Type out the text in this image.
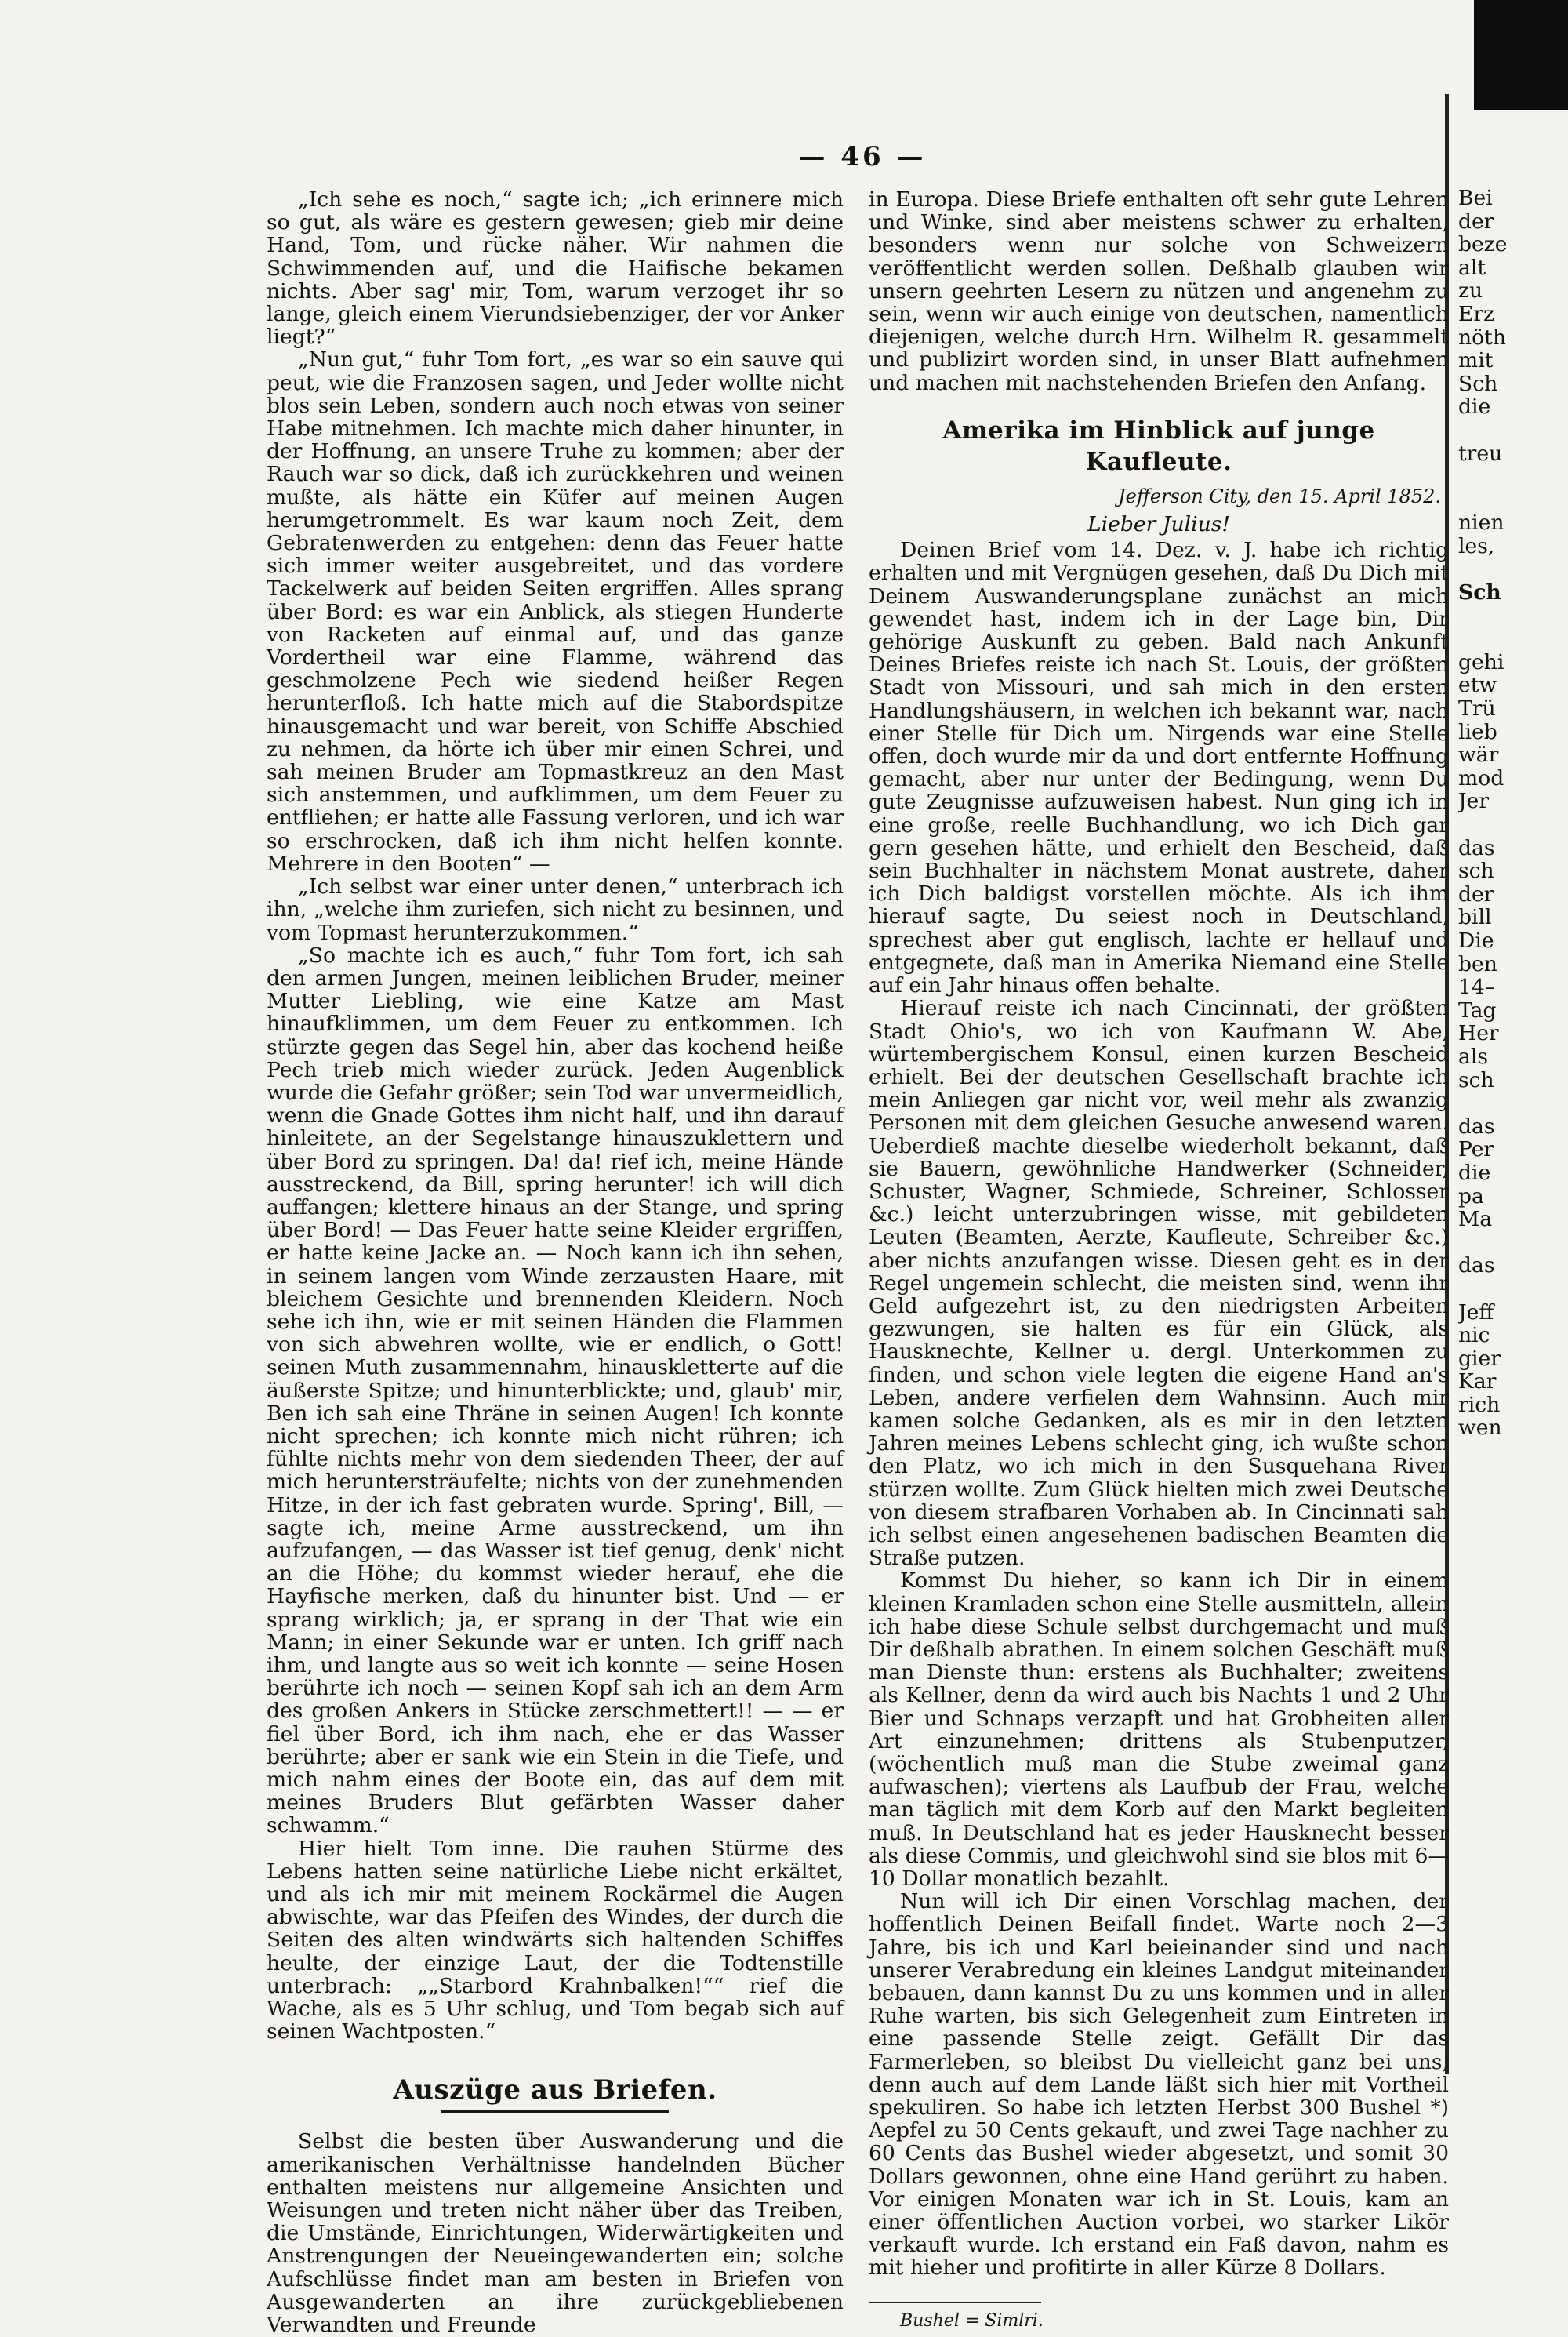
— 46 —

„Ich sehe es noch,“ sagte ich; „ich erinnere mich so gut, als wäre es gestern gewesen; gieb mir deine Hand, Tom, und rücke näher. Wir nahmen die Schwimmenden auf, und die Haifische bekamen nichts. Aber sag' mir, Tom, warum verzoget ihr so lange, gleich einem Vierundsiebenziger, der vor Anker liegt?“

„Nun gut,“ fuhr Tom fort, „es war so ein sauve qui peut, wie die Franzosen sagen, und Jeder wollte nicht blos sein Leben, sondern auch noch etwas von seiner Habe mitnehmen. Ich machte mich daher hinunter, in der Hoffnung, an unsere Truhe zu kommen; aber der Rauch war so dick, daß ich zurückkehren und weinen mußte, als hätte ein Küfer auf meinen Augen herumgetrommelt. Es war kaum noch Zeit, dem Gebratenwerden zu entgehen: denn das Feuer hatte sich immer weiter ausgebreitet, und das vordere Tackelwerk auf beiden Seiten ergriffen. Alles sprang über Bord: es war ein Anblick, als stiegen Hunderte von Racketen auf einmal auf, und das ganze Vordertheil war eine Flamme, während das geschmolzene Pech wie siedend heißer Regen herunterfloß. Ich hatte mich auf die Stabordspitze hinausgemacht und war bereit, von Schiffe Abschied zu nehmen, da hörte ich über mir einen Schrei, und sah meinen Bruder am Topmastkreuz an den Mast sich anstemmen, und aufklimmen, um dem Feuer zu entfliehen; er hatte alle Fassung verloren, und ich war so erschrocken, daß ich ihm nicht helfen konnte. Mehrere in den Booten“ —

„Ich selbst war einer unter denen,“ unterbrach ich ihn, „welche ihm zuriefen, sich nicht zu besinnen, und vom Topmast herunterzukommen.“

„So machte ich es auch,“ fuhr Tom fort, ich sah den armen Jungen, meinen leiblichen Bruder, meiner Mutter Liebling, wie eine Katze am Mast hinaufklimmen, um dem Feuer zu entkommen. Ich stürzte gegen das Segel hin, aber das kochend heiße Pech trieb mich wieder zurück. Jeden Augenblick wurde die Gefahr größer; sein Tod war unvermeidlich, wenn die Gnade Gottes ihm nicht half, und ihn darauf hinleitete, an der Segelstange hinauszuklettern und über Bord zu springen. Da! da! rief ich, meine Hände ausstreckend, da Bill, spring herunter! ich will dich auffangen; klettere hinaus an der Stange, und spring über Bord! — Das Feuer hatte seine Kleider ergriffen, er hatte keine Jacke an. — Noch kann ich ihn sehen, in seinem langen vom Winde zerzausten Haare, mit bleichem Gesichte und brennenden Kleidern. Noch sehe ich ihn, wie er mit seinen Händen die Flammen von sich abwehren wollte, wie er endlich, o Gott! seinen Muth zusammennahm, hinauskletterte auf die äußerste Spitze; und hinunterblickte; und, glaub' mir, Ben ich sah eine Thräne in seinen Augen! Ich konnte nicht sprechen; ich konnte mich nicht rühren; ich fühlte nichts mehr von dem siedenden Theer, der auf mich heruntersträufelte; nichts von der zunehmenden Hitze, in der ich fast gebraten wurde. Spring', Bill, — sagte ich, meine Arme ausstreckend, um ihn aufzufangen, — das Wasser ist tief genug, denk' nicht an die Höhe; du kommst wieder herauf, ehe die Hayfische merken, daß du hinunter bist. Und — er sprang wirklich; ja, er sprang in der That wie ein Mann; in einer Sekunde war er unten. Ich griff nach ihm, und langte aus so weit ich konnte — seine Hosen berührte ich noch — seinen Kopf sah ich an dem Arm des großen Ankers in Stücke zerschmettert!! — — er fiel über Bord, ich ihm nach, ehe er das Wasser berührte; aber er sank wie ein Stein in die Tiefe, und mich nahm eines der Boote ein, das auf dem mit meines Bruders Blut gefärbten Wasser daher schwamm.“

Hier hielt Tom inne. Die rauhen Stürme des Lebens hatten seine natürliche Liebe nicht erkältet, und als ich mir mit meinem Rockärmel die Augen abwischte, war das Pfeifen des Windes, der durch die Seiten des alten windwärts sich haltenden Schiffes heulte, der einzige Laut, der die Todtenstille unterbrach: „„Starbord Krahnbalken!““ rief die Wache, als es 5 Uhr schlug, und Tom begab sich auf seinen Wachtposten.“

Auszüge aus Briefen.

Selbst die besten über Auswanderung und die amerikanischen Verhältnisse handelnden Bücher enthalten meistens nur allgemeine Ansichten und Weisungen und treten nicht näher über das Treiben, die Umstände, Einrichtungen, Widerwärtigkeiten und Anstrengungen der Neueingewanderten ein; solche Aufschlüsse findet man am besten in Briefen von Ausgewanderten an ihre zurückgebliebenen Verwandten und Freunde

in Europa. Diese Briefe enthalten oft sehr gute Lehren und Winke, sind aber meistens schwer zu erhalten, besonders wenn nur solche von Schweizern veröffentlicht werden sollen. Deßhalb glauben wir unsern geehrten Lesern zu nützen und angenehm zu sein, wenn wir auch einige von deutschen, namentlich diejenigen, welche durch Hrn. Wilhelm R. gesammelt und publizirt worden sind, in unser Blatt aufnehmen und machen mit nachstehenden Briefen den Anfang.

Amerika im Hinblick auf junge Kaufleute.
Jefferson City, den 15. April 1852.
Lieber Julius!

Deinen Brief vom 14. Dez. v. J. habe ich richtig erhalten und mit Vergnügen gesehen, daß Du Dich mit Deinem Auswanderungsplane zunächst an mich gewendet hast, indem ich in der Lage bin, Dir gehörige Auskunft zu geben. Bald nach Ankunft Deines Briefes reiste ich nach St. Louis, der größten Stadt von Missouri, und sah mich in den ersten Handlungshäusern, in welchen ich bekannt war, nach einer Stelle für Dich um. Nirgends war eine Stelle offen, doch wurde mir da und dort entfernte Hoffnung gemacht, aber nur unter der Bedingung, wenn Du gute Zeugnisse aufzuweisen habest. Nun ging ich in eine große, reelle Buchhandlung, wo ich Dich gar gern gesehen hätte, und erhielt den Bescheid, daß sein Buchhalter in nächstem Monat austrete, daher ich Dich baldigst vorstellen möchte. Als ich ihm hierauf sagte, Du seiest noch in Deutschland, sprechest aber gut englisch, lachte er hellauf und entgegnete, daß man in Amerika Niemand eine Stelle auf ein Jahr hinaus offen behalte.

Hierauf reiste ich nach Cincinnati, der größten Stadt Ohio's, wo ich von Kaufmann W. Abe, würtembergischem Konsul, einen kurzen Bescheid erhielt. Bei der deutschen Gesellschaft brachte ich mein Anliegen gar nicht vor, weil mehr als zwanzig Personen mit dem gleichen Gesuche anwesend waren. Ueberdieß machte dieselbe wiederholt bekannt, daß sie Bauern, gewöhnliche Handwerker (Schneider, Schuster, Wagner, Schmiede, Schreiner, Schlosser &c.) leicht unterzubringen wisse, mit gebildeten Leuten (Beamten, Aerzte, Kaufleute, Schreiber &c.) aber nichts anzufangen wisse. Diesen geht es in der Regel ungemein schlecht, die meisten sind, wenn ihr Geld aufgezehrt ist, zu den niedrigsten Arbeiten gezwungen, sie halten es für ein Glück, als Hausknechte, Kellner u. dergl. Unterkommen zu finden, und schon viele legten die eigene Hand an's Leben, andere verfielen dem Wahnsinn. Auch mir kamen solche Gedanken, als es mir in den letzten Jahren meines Lebens schlecht ging, ich wußte schon den Platz, wo ich mich in den Susquehana River stürzen wollte. Zum Glück hielten mich zwei Deutsche von diesem strafbaren Vorhaben ab. In Cincinnati sah ich selbst einen angesehenen badischen Beamten die Straße putzen.

Kommst Du hieher, so kann ich Dir in einem kleinen Kramladen schon eine Stelle ausmitteln, allein ich habe diese Schule selbst durchgemacht und muß Dir deßhalb abrathen. In einem solchen Geschäft muß man Dienste thun: erstens als Buchhalter; zweitens als Kellner, denn da wird auch bis Nachts 1 und 2 Uhr Bier und Schnaps verzapft und hat Grobheiten aller Art einzunehmen; drittens als Stubenputzer, (wöchentlich muß man die Stube zweimal ganz aufwaschen); viertens als Laufbub der Frau, welche man täglich mit dem Korb auf den Markt begleiten muß. In Deutschland hat es jeder Hausknecht besser als diese Commis, und gleichwohl sind sie blos mit 6—10 Dollar monatlich bezahlt.

Nun will ich Dir einen Vorschlag machen, der hoffentlich Deinen Beifall findet. Warte noch 2—3 Jahre, bis ich und Karl beieinander sind und nach unserer Verabredung ein kleines Landgut miteinander bebauen, dann kannst Du zu uns kommen und in aller Ruhe warten, bis sich Gelegenheit zum Eintreten in eine passende Stelle zeigt. Gefällt Dir das Farmerleben, so bleibst Du vielleicht ganz bei uns, denn auch auf dem Lande läßt sich hier mit Vortheil spekuliren. So habe ich letzten Herbst 300 Bushel *) Aepfel zu 50 Cents gekauft, und zwei Tage nachher zu 60 Cents das Bushel wieder abgesetzt, und somit 30 Dollars gewonnen, ohne eine Hand gerührt zu haben. Vor einigen Monaten war ich in St. Louis, kam an einer öffentlichen Auction vorbei, wo starker Likör verkauft wurde. Ich erstand ein Faß davon, nahm es mit hieher und profitirte in aller Kürze 8 Dollars.

Bushel = Simlri.
Bei
der
beze
alt
zu
Erz
nöth
mit
Sch
die
treu
nien
les,
Sch
gehi
etw
Trü
lieb
wär
mod
Jer
das
sch
der
bill
Die
ben
14–
Tag
Her
als
sch
das
Per
die
pa
Ma
das
Jeff
nic
gier
Kar
rich
wen
